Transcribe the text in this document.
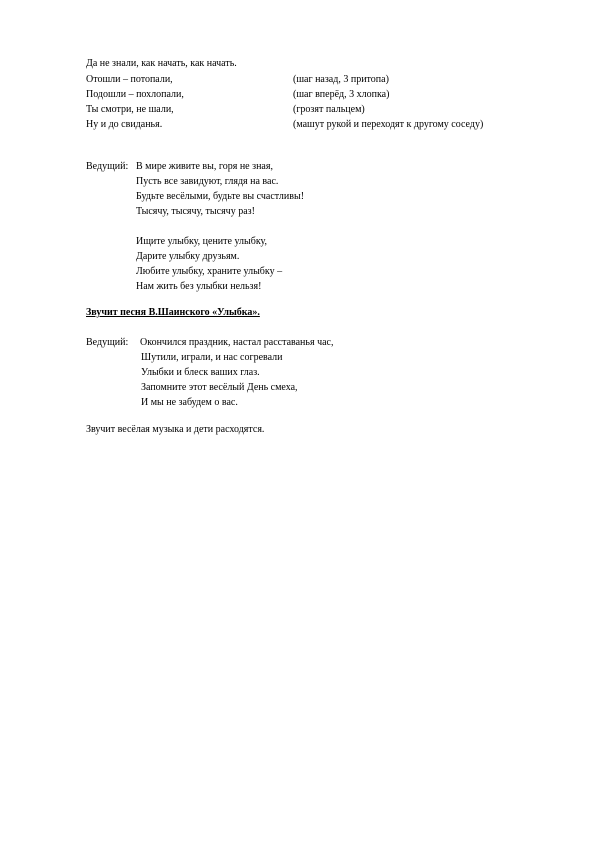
Да не знали, как начать, как начать.
Отошли – потопали,	(шаг назад, 3 притопа)
Подошли – похлопали,	(шаг вперёд, 3 хлопка)
Ты смотри, не шали,	(грозят пальцем)
Ну и до свиданья.	(машут рукой и переходят к другому соседу)
Ведущий: В мире живите вы, горя не зная,
Пусть все завидуют, глядя на вас.
Будьте весёлыми, будьте вы счастливы!
Тысячу, тысячу, тысячу раз!
Ищите улыбку, цените улыбку,
Дарите улыбку друзьям.
Любите улыбку, храните улыбку –
Нам жить без улыбки нельзя!
Звучит песня В.Шаинского «Улыбка».
Ведущий: Окончился праздник, настал расставанья час,
Шутили, играли, и нас согревали
Улыбки и блеск ваших глаз.
Запомните этот весёлый День смеха,
И мы не забудем о вас.
Звучит весёлая музыка и дети расходятся.
